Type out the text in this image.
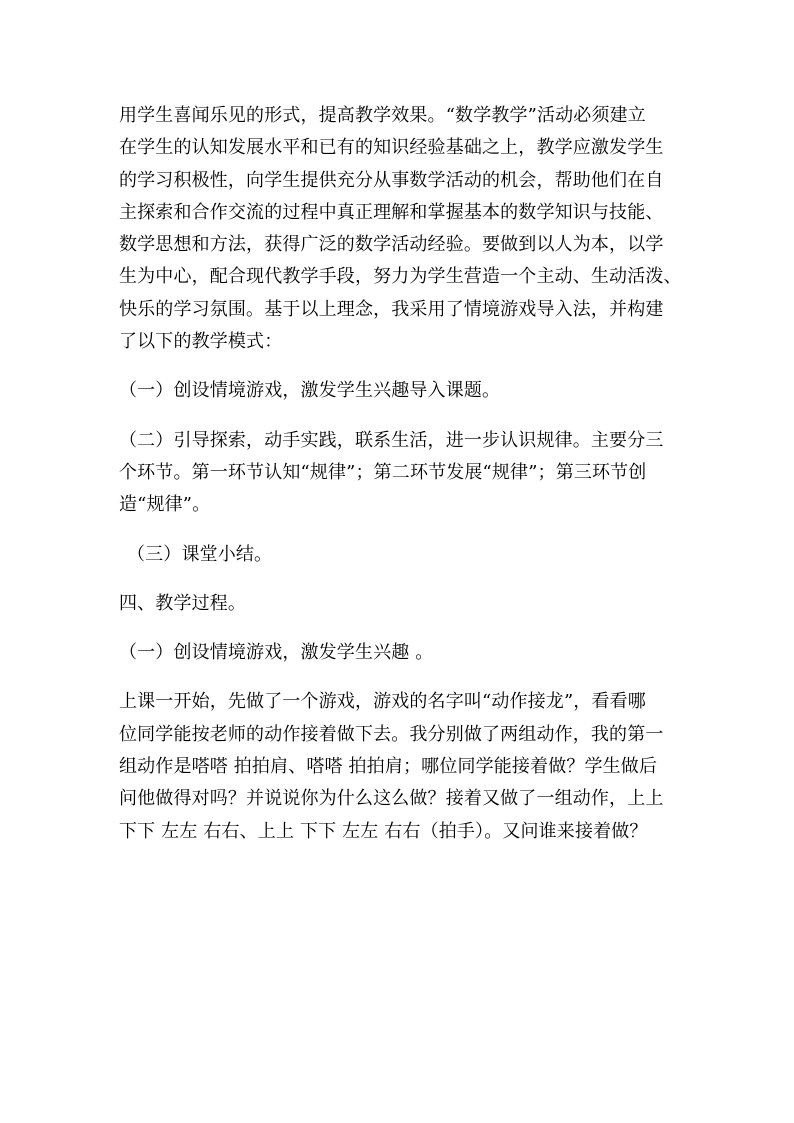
用学生喜闻乐见的形式，提高教学效果。“数学教学”活动必须建立

在学生的认知发展水平和已有的知识经验基础之上，教学应激发学生

的学习积极性，向学生提供充分从事数学活动的机会，帮助他们在自

主探索和合作交流的过程中真正理解和掌握基本的数学知识与技能、

数学思想和方法，获得广泛的数学活动经验。要做到以人为本，以学

生为中心，配合现代教学手段，努力为学生营造一个主动、生动活泼、

快乐的学习氛围。基于以上理念，我采用了情境游戏导入法，并构建

了以下的教学模式：

（一）创设情境游戏，激发学生兴趣导入课题。

（二）引导探索，动手实践，联系生活，进一步认识规律。主要分三

个环节。第一环节认知“规律”；第二环节发展“规律”；第三环节创

造“规律”。

（三）课堂小结。

四、教学过程。

（一）创设情境游戏，激发学生兴趣 。

上课一开始，先做了一个游戏，游戏的名字叫“动作接龙”，看看哪

位同学能按老师的动作接着做下去。我分别做了两组动作，我的第一

组动作是嗒嗒 拍拍肩、嗒嗒 拍拍肩；哪位同学能接着做？学生做后

问他做得对吗？并说说你为什么这么做？接着又做了一组动作，上上

下下 左左 右右、上上 下下 左左 右右（拍手）。又问谁来接着做？
